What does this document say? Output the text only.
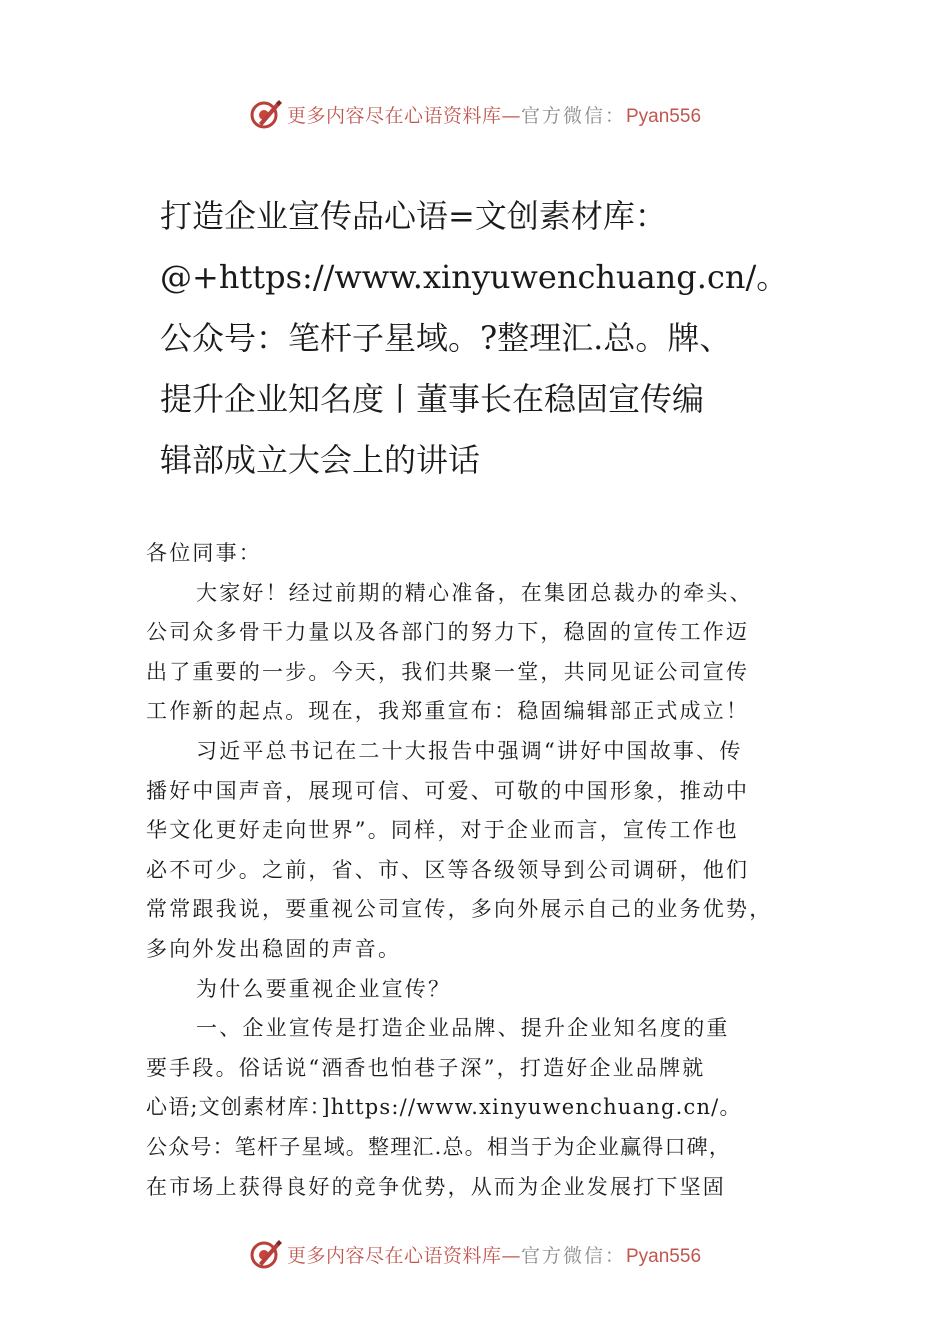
更多内容尽在心语资料库—官方微信：Pyan556
打造企业宣传品心语=文创素材库：
@+https://www.xinyuwenchuang.cn/。
公众号：笔杆子星域。?整理汇.总。牌、
提升企业知名度丨董事长在稳固宣传编
辑部成立大会上的讲话
各位同事：
大家好！经过前期的精心准备，在集团总裁办的牵头、
公司众多骨干力量以及各部门的努力下，稳固的宣传工作迈
出了重要的一步。今天，我们共聚一堂，共同见证公司宣传
工作新的起点。现在，我郑重宣布：稳固编辑部正式成立！
习近平总书记在二十大报告中强调“讲好中国故事、传
播好中国声音，展现可信、可爱、可敬的中国形象，推动中
华文化更好走向世界”。同样，对于企业而言，宣传工作也
必不可少。之前，省、市、区等各级领导到公司调研，他们
常常跟我说，要重视公司宣传，多向外展示自己的业务优势，
多向外发出稳固的声音。
为什么要重视企业宣传？
一、企业宣传是打造企业品牌、提升企业知名度的重
要手段。俗话说“酒香也怕巷子深”，打造好企业品牌就
心语;文创素材库：]https://www.xinyuwenchuang.cn/。
公众号：笔杆子星域。整理汇.总。相当于为企业赢得口碑，
在市场上获得良好的竞争优势，从而为企业发展打下坚固
更多内容尽在心语资料库—官方微信：Pyan556
